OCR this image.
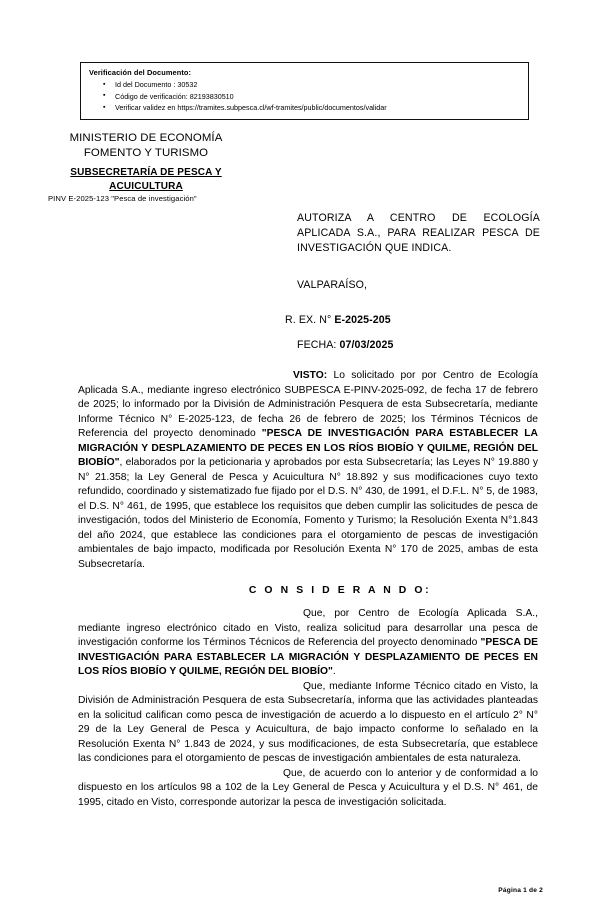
Verificación del Documento:
▪ Id del Documento : 30532
▪ Código de verificación: 82193830510
▪ Verificar validez en https://tramites.subpesca.cl/wf-tramites/public/documentos/validar
MINISTERIO DE ECONOMÍA
FOMENTO Y TURISMO
SUBSECRETARÍA DE PESCA Y
ACUICULTURA
PINV E-2025-123 "Pesca de investigación"
AUTORIZA A CENTRO DE ECOLOGÍA APLICADA S.A., PARA REALIZAR PESCA DE INVESTIGACIÓN QUE INDICA.
VALPARAÍSO,
R. EX. N° E-2025-205
FECHA: 07/03/2025

VISTO: Lo solicitado por por Centro de Ecología Aplicada S.A., mediante ingreso electrónico SUBPESCA E-PINV-2025-092, de fecha 17 de febrero de 2025; lo informado por la División de Administración Pesquera de esta Subsecretaría, mediante Informe Técnico N° E-2025-123, de fecha 26 de febrero de 2025; los Términos Técnicos de Referencia del proyecto denominado "PESCA DE INVESTIGACIÓN PARA ESTABLECER LA MIGRACIÓN Y DESPLAZAMIENTO DE PECES EN LOS RÍOS BIOBÍO Y QUILME, REGIÓN DEL BIOBÍO", elaborados por la peticionaria y aprobados por esta Subsecretaría; las Leyes N° 19.880 y N° 21.358; la Ley General de Pesca y Acuicultura N° 18.892 y sus modificaciones cuyo texto refundido, coordinado y sistematizado fue fijado por el D.S. N° 430, de 1991, el D.F.L. N° 5, de 1983, el D.S. N° 461, de 1995, que establece los requisitos que deben cumplir las solicitudes de pesca de investigación, todos del Ministerio de Economía, Fomento y Turismo; la Resolución Exenta N°1.843 del año 2024, que establece las condiciones para el otorgamiento de pescas de investigación ambientales de bajo impacto, modificada por Resolución Exenta N° 170 de 2025, ambas de esta Subsecretaría.

C O N S I D E R A N D O:

Que, por Centro de Ecología Aplicada S.A., mediante ingreso electrónico citado en Visto, realiza solicitud para desarrollar una pesca de investigación conforme los Términos Técnicos de Referencia del proyecto denominado "PESCA DE INVESTIGACIÓN PARA ESTABLECER LA MIGRACIÓN Y DESPLAZAMIENTO DE PECES EN LOS RÍOS BIOBÍO Y QUILME, REGIÓN DEL BIOBÍO".

Que, mediante Informe Técnico citado en Visto, la División de Administración Pesquera de esta Subsecretaría, informa que las actividades planteadas en la solicitud califican como pesca de investigación de acuerdo a lo dispuesto en el artículo 2° N° 29 de la Ley General de Pesca y Acuicultura, de bajo impacto conforme lo señalado en la Resolución Exenta N° 1.843 de 2024, y sus modificaciones, de esta Subsecretaría, que establece las condiciones para el otorgamiento de pescas de investigación ambientales de esta naturaleza.

Que, de acuerdo con lo anterior y de conformidad a lo dispuesto en los artículos 98 a 102 de la Ley General de Pesca y Acuicultura y el D.S. N° 461, de 1995, citado en Visto, corresponde autorizar la pesca de investigación solicitada.

Página 1 de 2
